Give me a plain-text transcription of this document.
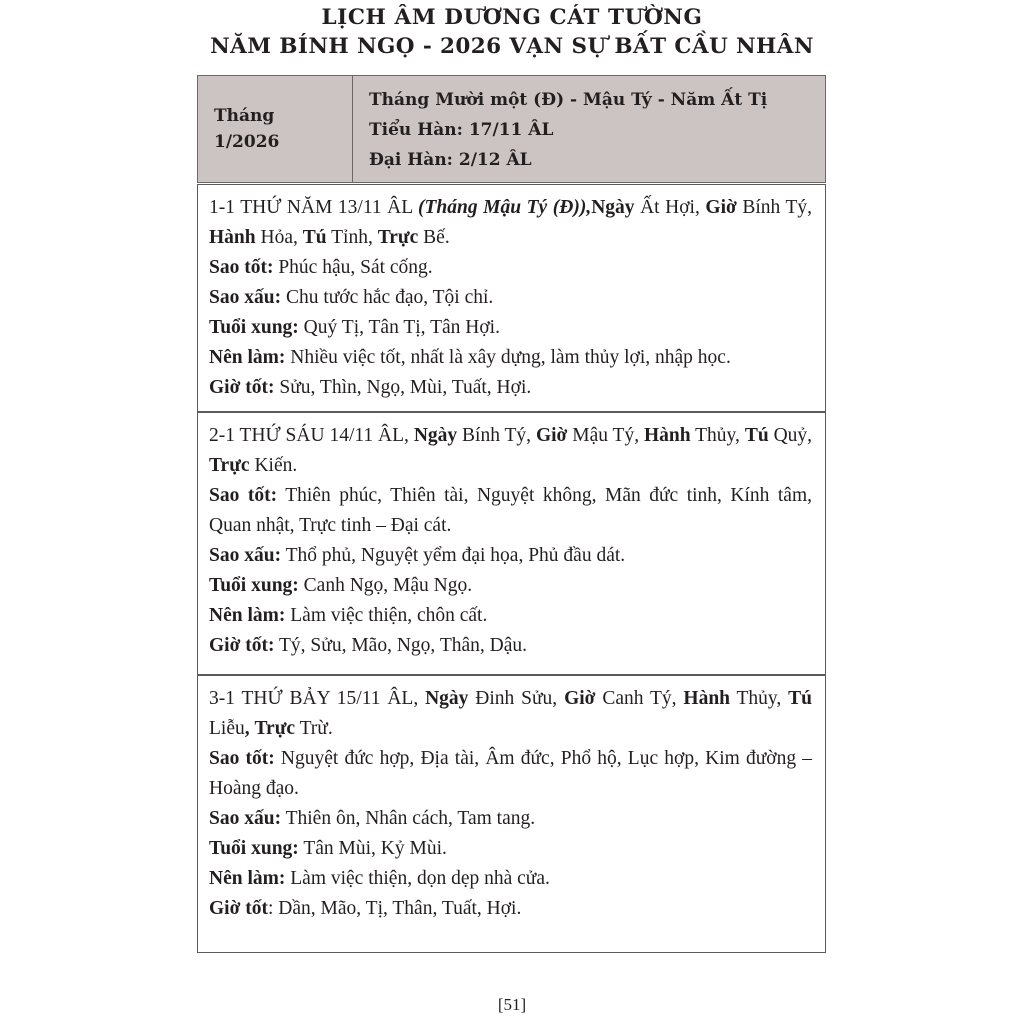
LỊCH ÂM DƯƠNG CÁT TƯỜNG
NĂM BÍNH NGỌ - 2026 VẠN SỰ BẤT CẦU NHÂN
Tháng
1/2026
Tháng Mười một (Đ) - Mậu Tý - Năm Ất Tị
Tiểu Hàn: 17/11 ÂL
Đại Hàn: 2/12 ÂL

1-1 THỨ NĂM 13/11 ÂL (Tháng Mậu Tý (Đ)),Ngày Ất Hợi, Giờ Bính Tý, Hành Hỏa, Tú Tỉnh, Trực Bế.

Sao tốt: Phúc hậu, Sát cống.

Sao xấu: Chu tước hắc đạo, Tội chỉ.

Tuổi xung: Quý Tị, Tân Tị, Tân Hợi.

Nên làm: Nhiều việc tốt, nhất là xây dựng, làm thủy lợi, nhập học.

Giờ tốt: Sửu, Thìn, Ngọ, Mùi, Tuất, Hợi.

2-1 THỨ SÁU 14/11 ÂL, Ngày Bính Tý, Giờ Mậu Tý, Hành Thủy, Tú Quỷ, Trực Kiến.

Sao tốt: Thiên phúc, Thiên tài, Nguyệt không, Mãn đức tinh, Kính tâm, Quan nhật, Trực tinh – Đại cát.

Sao xấu: Thổ phủ, Nguyệt yểm đại họa, Phủ đầu dát.

Tuổi xung: Canh Ngọ, Mậu Ngọ.

Nên làm: Làm việc thiện, chôn cất.

Giờ tốt: Tý, Sửu, Mão, Ngọ, Thân, Dậu.

3-1 THỨ BẢY 15/11 ÂL, Ngày Đinh Sửu, Giờ Canh Tý, Hành Thủy, Tú Liễu, Trực Trừ.

Sao tốt: Nguyệt đức hợp, Địa tài, Âm đức, Phổ hộ, Lục hợp, Kim đường – Hoàng đạo.

Sao xấu: Thiên ôn, Nhân cách, Tam tang.

Tuổi xung: Tân Mùi, Kỷ Mùi.

Nên làm: Làm việc thiện, dọn dẹp nhà cửa.

Giờ tốt: Dần, Mão, Tị, Thân, Tuất, Hợi.

[51]
